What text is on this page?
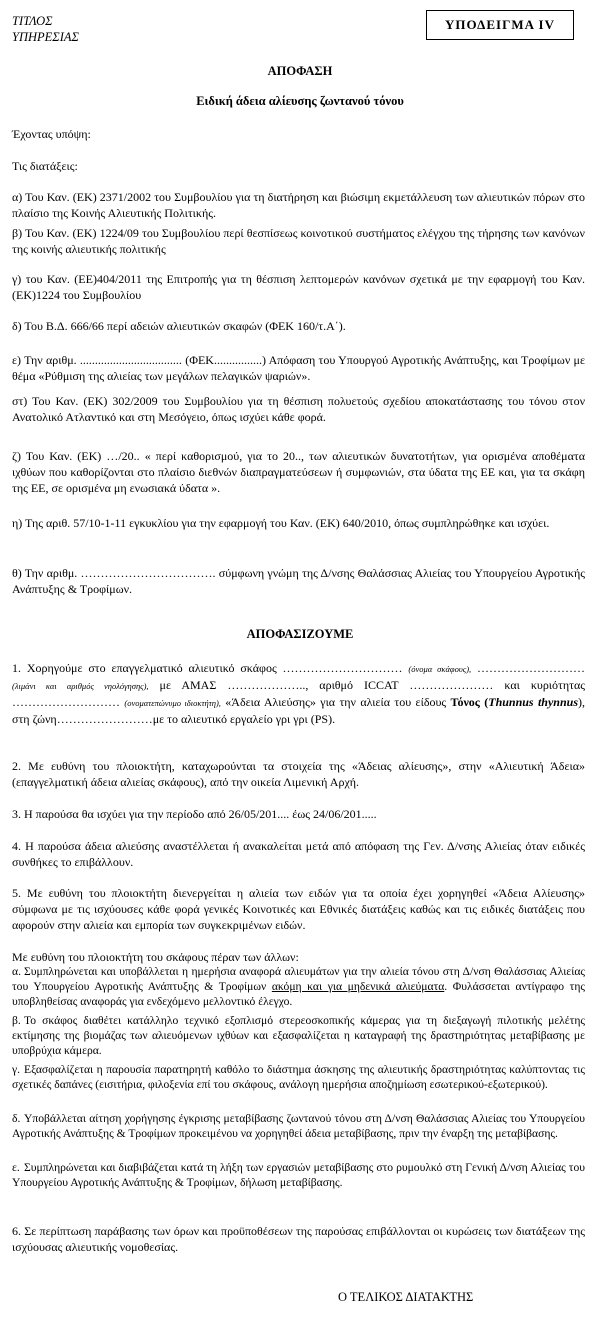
ΤΙΤΛΟΣ
ΥΠΗΡΕΣΙΑΣ
ΥΠΟΔΕΙΓΜΑ IV
ΑΠΟΦΑΣΗ
Ειδική άδεια αλίευσης ζωντανού τόνου
Έχοντας υπόψη:
Τις διατάξεις:
α) Του Καν. (ΕΚ) 2371/2002 του Συμβουλίου για τη διατήρηση και βιώσιμη εκμετάλλευση των αλιευτικών πόρων στο πλαίσιο της Κοινής Αλιευτικής Πολιτικής.
β) Του Καν. (ΕΚ) 1224/09 του Συμβουλίου περί θεσπίσεως κοινοτικού συστήματος ελέγχου της τήρησης των κανόνων της κοινής αλιευτικής πολιτικής
γ) του Καν. (ΕΕ)404/2011 της Επιτροπής για τη θέσπιση λεπτομερών κανόνων σχετικά με την εφαρμογή του Καν.(ΕΚ)1224 του Συμβουλίου
δ) Του Β.Δ. 666/66 περί αδειών αλιευτικών σκαφών (ΦΕΚ 160/τ.Α΄).
ε) Την αριθμ. .................................. (ΦΕΚ................) Απόφαση του Υπουργού Αγροτικής Ανάπτυξης, και Τροφίμων με θέμα «Ρύθμιση της αλιείας των μεγάλων πελαγικών ψαριών».
στ) Του Καν. (ΕΚ) 302/2009 του Συμβουλίου για τη θέσπιση πολυετούς σχεδίου αποκατάστασης του τόνου στον Ανατολικό Ατλαντικό και στη Μεσόγειο, όπως ισχύει κάθε φορά.
ζ) Του Καν. (ΕΚ) …/20.. « περί καθορισμού, για το 20.., των αλιευτικών δυνατοτήτων, για ορισμένα αποθέματα ιχθύων που καθορίζονται στο πλαίσιο διεθνών διαπραγματεύσεων ή συμφωνιών, στα ύδατα της ΕΕ και, για τα σκάφη της ΕΕ, σε ορισμένα μη ενωσιακά ύδατα ».
η) Της αριθ. 57/10-1-11 εγκυκλίου για την εφαρμογή του Καν. (ΕΚ) 640/2010, όπως συμπληρώθηκε και ισχύει.
θ) Την αριθμ. ……………………………. σύμφωνη γνώμη της Δ/νσης Θαλάσσιας Αλιείας του Υπουργείου Αγροτικής Ανάπτυξης & Τροφίμων.
ΑΠΟΦΑΣΙΖΟΥΜΕ
1. Χορηγούμε στο επαγγελματικό αλιευτικό σκάφος ………………………… (όνομα σκάφους), ……………………… (λιμάνι και αριθμός νηολόγησης), με ΑΜΑΣ ……………….., αριθμό ICCAT ………………… και κυριότητας ……………………… (ονοματεπώνυμο ιδιοκτήτη), «Άδεια Αλιεύσης» για την αλιεία του είδους Τόνος (Thunnus thynnus), στη ζώνη……………………με το αλιευτικό εργαλείο γρι γρι (PS).
2. Με ευθύνη του πλοιοκτήτη, καταχωρούνται τα στοιχεία της «Άδειας αλίευσης», στην «Αλιευτική Άδεια» (επαγγελματική άδεια αλιείας σκάφους), από την οικεία Λιμενική Αρχή.
3. Η παρούσα θα ισχύει για την περίοδο από 26/05/201.... έως 24/06/201.....
4. Η παρούσα άδεια αλιεύσης αναστέλλεται ή ανακαλείται μετά από απόφαση της Γεν. Δ/νσης Αλιείας όταν ειδικές συνθήκες το επιβάλλουν.
5. Με ευθύνη του πλοιοκτήτη διενεργείται η αλιεία των ειδών για τα οποία έχει χορηγηθεί «Άδεια Αλίευσης» σύμφωνα με τις ισχύουσες κάθε φορά γενικές Κοινοτικές και Εθνικές διατάξεις καθώς και τις ειδικές διατάξεις που αφορούν στην αλιεία και εμπορία των συγκεκριμένων ειδών.
Με ευθύνη του πλοιοκτήτη του σκάφους πέραν των άλλων:
α. Συμπληρώνεται και υποβάλλεται η ημερήσια αναφορά αλιευμάτων για την αλιεία τόνου στη Δ/νση Θαλάσσιας Αλιείας του Υπουργείου Αγροτικής Ανάπτυξης & Τροφίμων ακόμη και για μηδενικά αλιεύματα. Φυλάσσεται αντίγραφο της υποβληθείσας αναφοράς για ενδεχόμενο μελλοντικό έλεγχο.
β. Το σκάφος διαθέτει κατάλληλο τεχνικό εξοπλισμό στερεοσκοπικής κάμερας για τη διεξαγωγή πιλοτικής μελέτης εκτίμησης της βιομάζας των αλιευόμενων ιχθύων και εξασφαλίζεται η καταγραφή της δραστηριότητας μεταβίβασης με υποβρύχια κάμερα.
γ. Εξασφαλίζεται η παρουσία παρατηρητή καθόλο το διάστημα άσκησης της αλιευτικής δραστηριότητας καλύπτοντας τις σχετικές δαπάνες (εισιτήρια, φιλοξενία επί του σκάφους, ανάλογη ημερήσια αποζημίωση εσωτερικού-εξωτερικού).
δ. Υποβάλλεται αίτηση χορήγησης έγκρισης μεταβίβασης ζωντανού τόνου στη Δ/νση Θαλάσσιας Αλιείας του Υπουργείου Αγροτικής Ανάπτυξης & Τροφίμων προκειμένου να χορηγηθεί άδεια μεταβίβασης, πριν την έναρξη της μεταβίβασης.
ε. Συμπληρώνεται και διαβιβάζεται κατά τη λήξη των εργασιών μεταβίβασης στο ρυμουλκό στη Γενική Δ/νση Αλιείας του Υπουργείου Αγροτικής Ανάπτυξης & Τροφίμων, δήλωση μεταβίβασης.
6. Σε περίπτωση παράβασης των όρων και προϋποθέσεων της παρούσας επιβάλλονται οι κυρώσεις των διατάξεων της ισχύουσας αλιευτικής νομοθεσίας.
Ο ΤΕΛΙΚΟΣ ΔΙΑΤΑΚΤΗΣ
